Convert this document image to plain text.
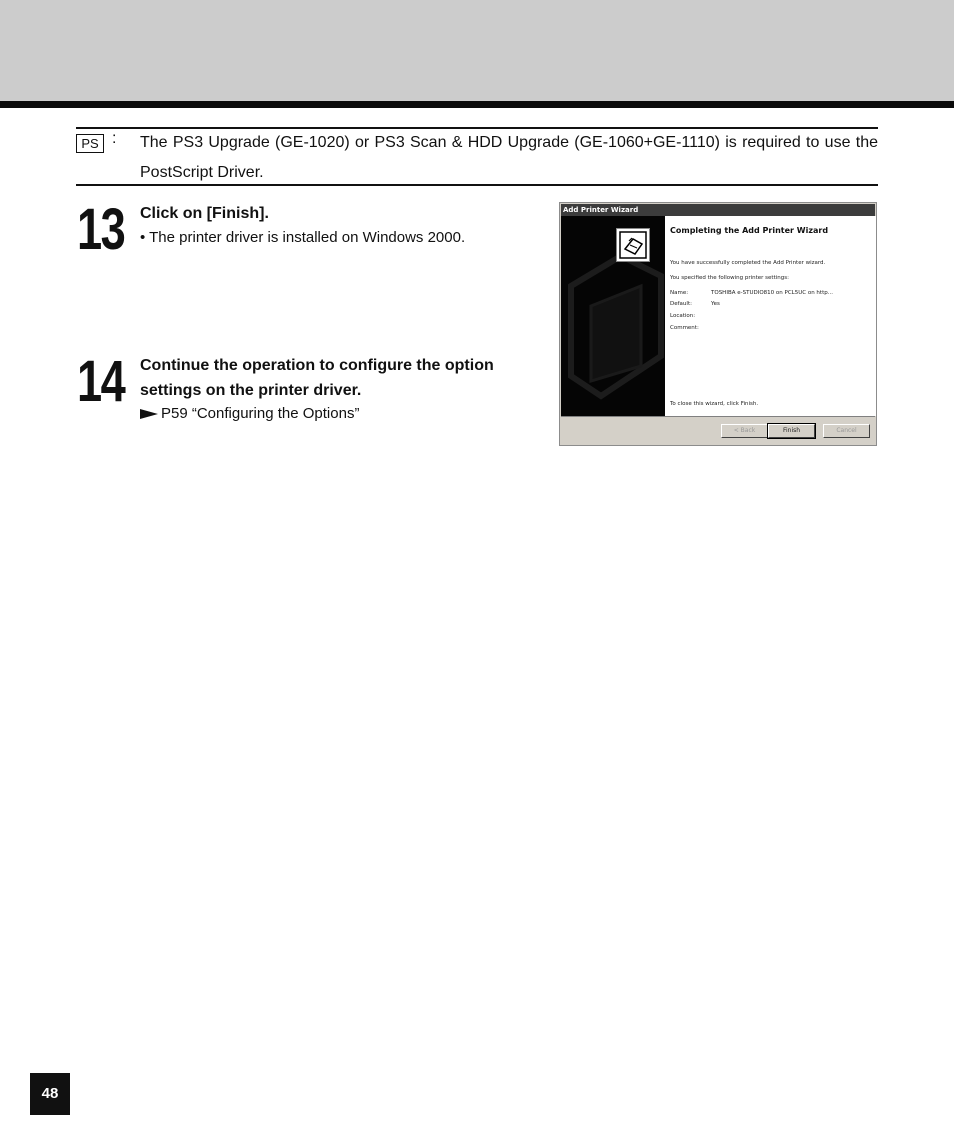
PS : The PS3 Upgrade (GE-1020) or PS3 Scan & HDD Upgrade (GE-1060+GE-1110) is required to use the PostScript Driver.
13 Click on [Finish].
• The printer driver is installed on Windows 2000.
14 Continue the operation to configure the option settings on the printer driver.
P59 “Configuring the Options”
Add Printer Wizard
Completing the Add Printer Wizard
You have successfully completed the Add Printer wizard.
You specified the following printer settings:
Name:	TOSHIBA e-STUDIO810 on PCL5UC on http...
Default:	Yes
Location:
Comment:
To close this wizard, click Finish.
< Back	Finish	Cancel
48
